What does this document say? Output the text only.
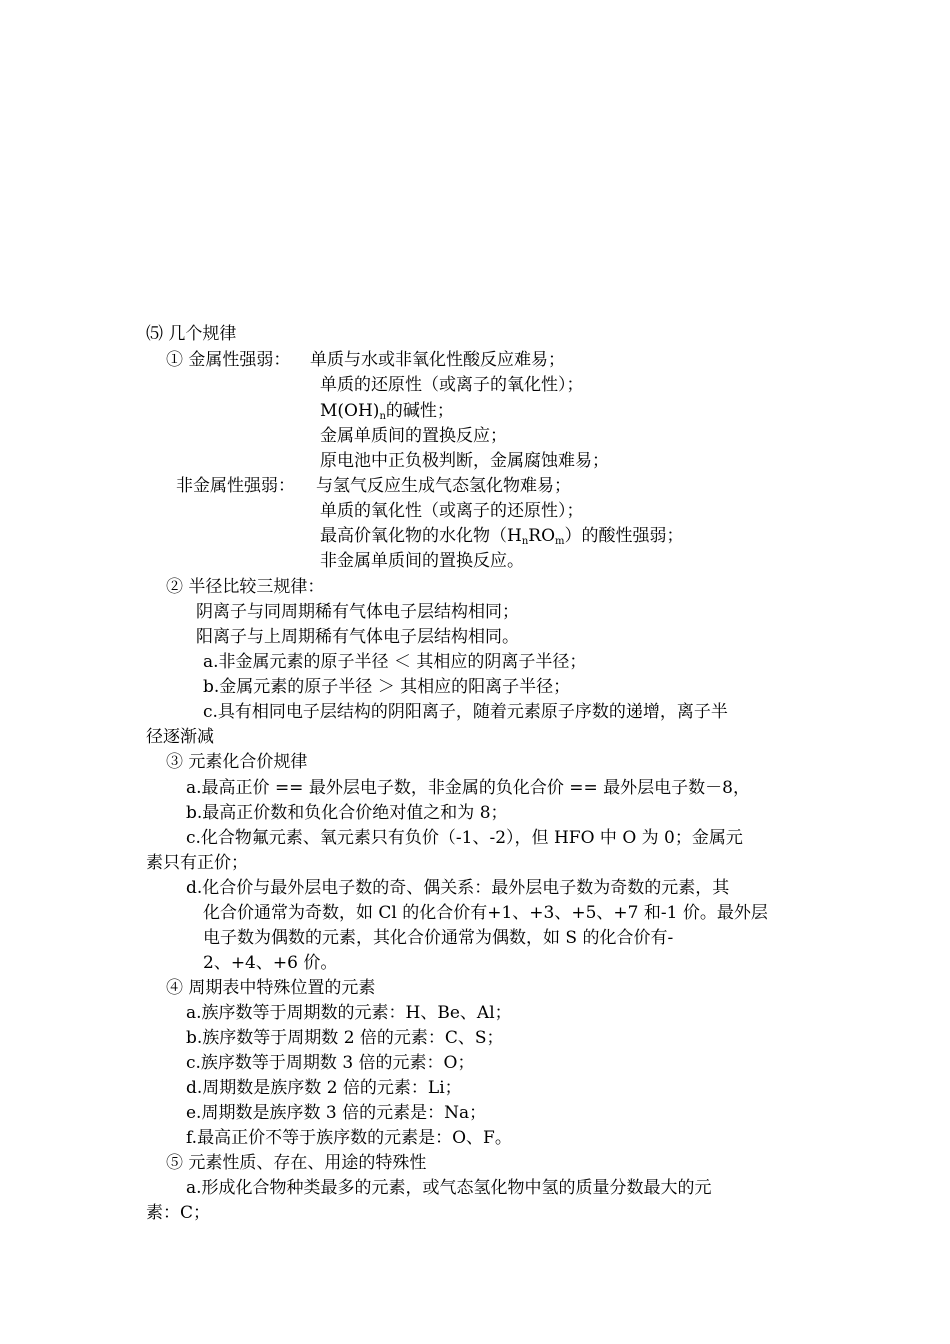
⑸ 几个规律
① 金属性强弱： 单质与水或非氧化性酸反应难易；
单质的还原性（或离子的氧化性）；
$M(OH)_n$的碱性；
金属单质间的置换反应；
原电池中正负极判断，金属腐蚀难易；
非金属性强弱： 与氢气反应生成气态氢化物难易；
单质的氧化性（或离子的还原性）；
最高价氧化物的水化物$(H_nRO_m)$的酸性强弱；
非金属单质间的置换反应。
② 半径比较三规律：
阴离子与同周期稀有气体电子层结构相同；
阳离子与上周期稀有气体电子层结构相同。
a.非金属元素的原子半径 ＜ 其相应的阴离子半径；
b.金属元素的原子半径 ＞ 其相应的阳离子半径；
c.具有相同电子层结构的阴阳离子，随着元素原子序数的递增，离子半
径逐渐减
③ 元素化合价规律
a.最高正价 == 最外层电子数，非金属的负化合价 == 最外层电子数－8，
b.最高正价数和负化合价绝对值之和为 8；
c.化合物氟元素、氧元素只有负价（-1、-2），但 HFO 中 O 为 0；金属元
素只有正价；
d.化合价与最外层电子数的奇、偶关系：最外层电子数为奇数的元素，其
化合价通常为奇数，如 Cl 的化合价有+1、+3、+5、+7 和-1 价。最外层
电子数为偶数的元素，其化合价通常为偶数，如 S 的化合价有-
2、+4、+6 价。
④ 周期表中特殊位置的元素
a.族序数等于周期数的元素：H、Be、Al；
b.族序数等于周期数 2 倍的元素：C、S；
c.族序数等于周期数 3 倍的元素：O；
d.周期数是族序数 2 倍的元素：Li；
e.周期数是族序数 3 倍的元素是：Na；
f.最高正价不等于族序数的元素是：O、F。
⑤ 元素性质、存在、用途的特殊性
a.形成化合物种类最多的元素，或气态氢化物中氢的质量分数最大的元
素：C；
